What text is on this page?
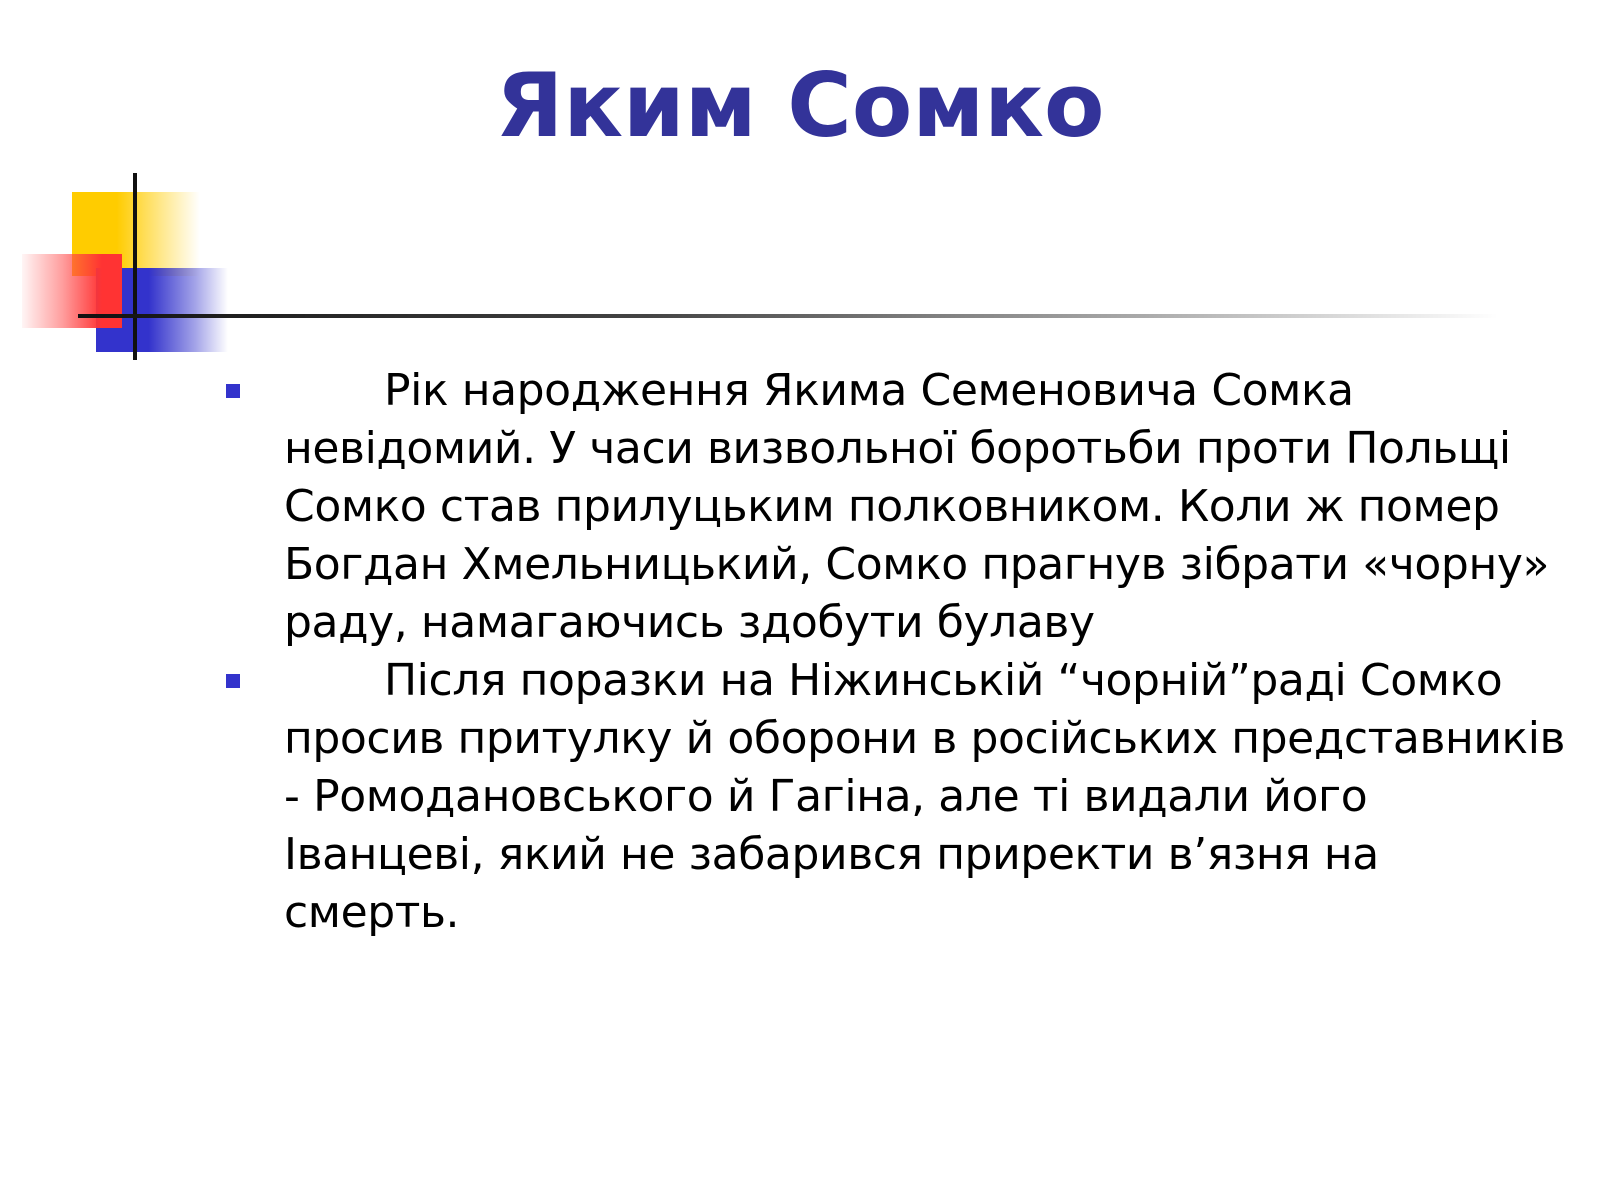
Яким Сомко
Рік народження Якима Семеновича Сомка невідомий. У часи визвольної боротьби проти Польщі Сомко став прилуцьким полковником. Коли ж помер Богдан Хмельницький, Сомко прагнув зібрати «чорну» раду, намагаючись здобути булаву
Після поразки на Ніжинській “чорній”раді Сомко просив притулку й оборони в російських представників - Ромодановського й Гагіна, але ті видали його Іванцеві, який не забарився приректи в’язня на смерть.
